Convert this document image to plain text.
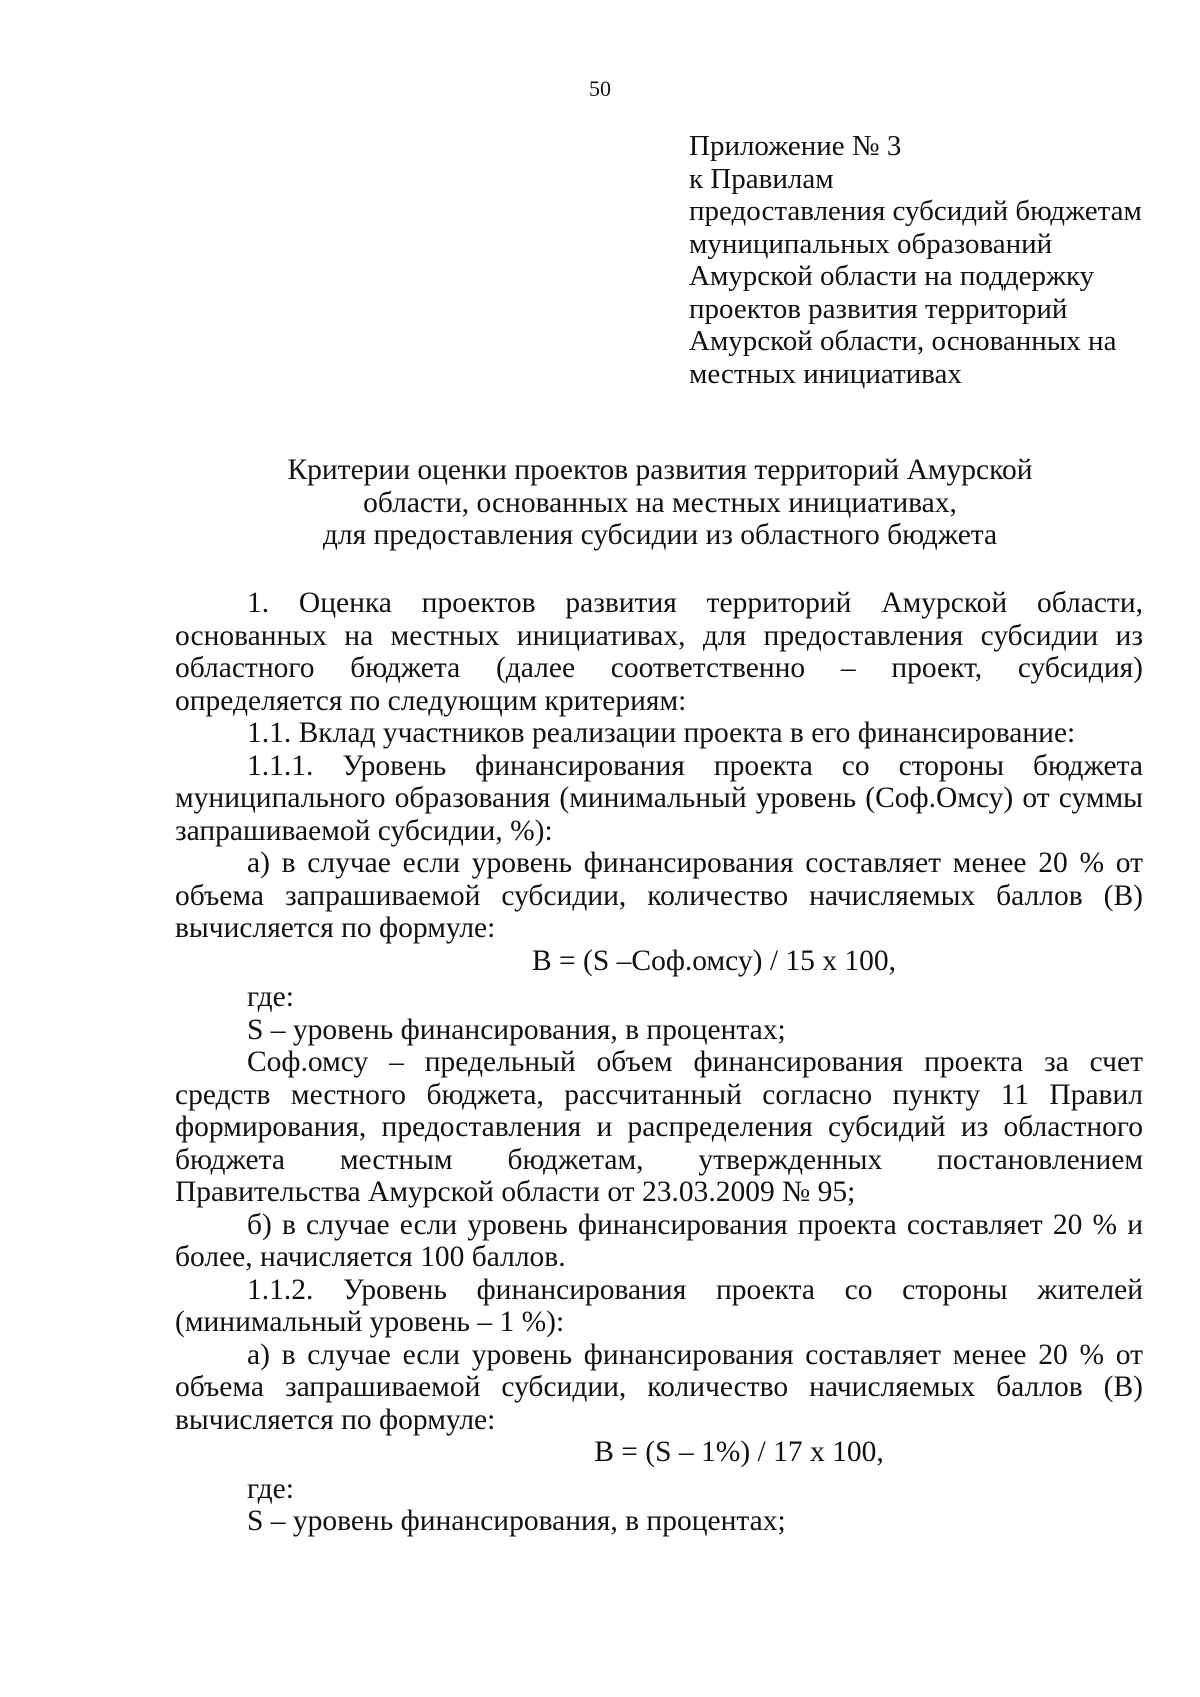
50
Приложение № 3
к Правилам
предоставления субсидий бюджетам
муниципальных образований
Амурской области на поддержку
проектов развития территорий
Амурской области, основанных на
местных инициативах
Критерии оценки проектов развития территорий Амурской
области, основанных на местных инициативах,
для предоставления субсидии из областного бюджета

1. Оценка проектов развития территорий Амурской области, основанных на местных инициативах, для предоставления субсидии из областного бюджета (далее соответственно – проект, субсидия) определяется по следующим критериям:

1.1. Вклад участников реализации проекта в его финансирование:

1.1.1. Уровень финансирования проекта со стороны бюджета муниципального образования (минимальный уровень (Соф.Омсу) от суммы запрашиваемой субсидии, %):

а) в случае если уровень финансирования составляет менее 20 % от объема запрашиваемой субсидии, количество начисляемых баллов (В) вычисляется по формуле:

В = (S –Соф.омсу) / 15 х 100,

где:

S – уровень финансирования, в процентах;

Соф.омсу – предельный объем финансирования проекта за счет средств местного бюджета, рассчитанный согласно пункту 11 Правил формирования, предоставления и распределения субсидий из областного бюджета местным бюджетам, утвержденных постановлением Правительства Амурской области от 23.03.2009 № 95;

б) в случае если уровень финансирования проекта составляет 20 % и более, начисляется 100 баллов.

1.1.2. Уровень финансирования проекта со стороны жителей (минимальный уровень – 1 %):

а) в случае если уровень финансирования составляет менее 20 % от объема запрашиваемой субсидии, количество начисляемых баллов (В) вычисляется по формуле:

В = (S – 1%) / 17 х 100,

где:

S – уровень финансирования, в процентах;
